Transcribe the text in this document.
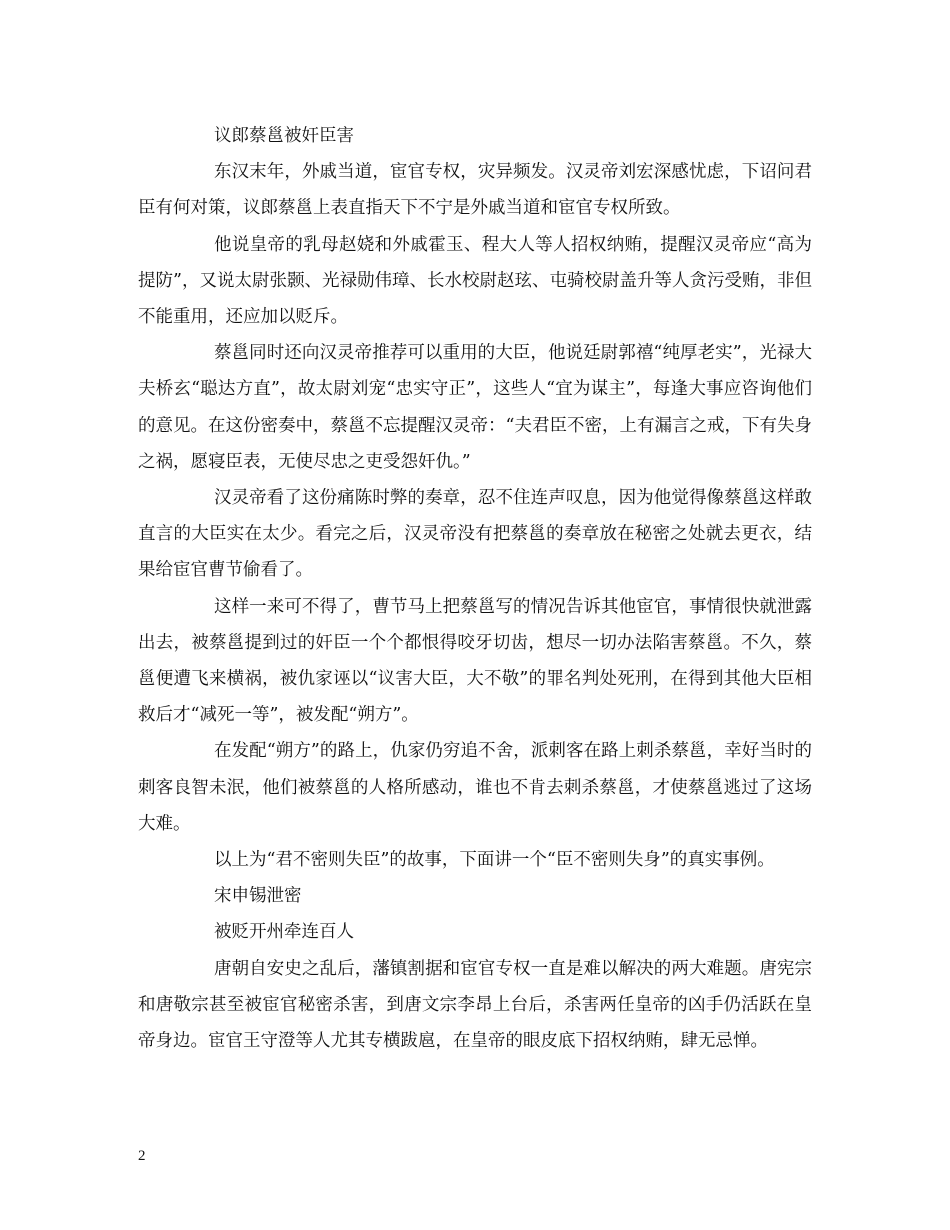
议郎蔡邕被奸臣害

东汉末年，外戚当道，宦官专权，灾异频发。汉灵帝刘宏深感忧虑，下诏问君臣有何对策，议郎蔡邕上表直指天下不宁是外戚当道和宦官专权所致。

他说皇帝的乳母赵娆和外戚霍玉、程大人等人招权纳贿，提醒汉灵帝应“高为提防”，又说太尉张颢、光禄勋伟璋、长水校尉赵玹、屯骑校尉盖升等人贪污受贿，非但不能重用，还应加以贬斥。

蔡邕同时还向汉灵帝推荐可以重用的大臣，他说廷尉郭禧“纯厚老实”，光禄大夫桥玄“聪达方直”，故太尉刘宠“忠实守正”，这些人“宜为谋主”，每逢大事应咨询他们的意见。在这份密奏中，蔡邕不忘提醒汉灵帝：“夫君臣不密，上有漏言之戒，下有失身之祸，愿寝臣表，无使尽忠之吏受怨奸仇。”

汉灵帝看了这份痛陈时弊的奏章，忍不住连声叹息，因为他觉得像蔡邕这样敢直言的大臣实在太少。看完之后，汉灵帝没有把蔡邕的奏章放在秘密之处就去更衣，结果给宦官曹节偷看了。

这样一来可不得了，曹节马上把蔡邕写的情况告诉其他宦官，事情很快就泄露出去，被蔡邕提到过的奸臣一个个都恨得咬牙切齿，想尽一切办法陷害蔡邕。不久，蔡邕便遭飞来横祸，被仇家诬以“议害大臣，大不敬”的罪名判处死刑，在得到其他大臣相救后才“减死一等”，被发配“朔方”。

在发配“朔方”的路上，仇家仍穷追不舍，派刺客在路上刺杀蔡邕，幸好当时的刺客良智未泯，他们被蔡邕的人格所感动，谁也不肯去刺杀蔡邕，才使蔡邕逃过了这场大难。

以上为“君不密则失臣”的故事，下面讲一个“臣不密则失身”的真实事例。

宋申锡泄密

被贬开州牵连百人

唐朝自安史之乱后，藩镇割据和宦官专权一直是难以解决的两大难题。唐宪宗和唐敬宗甚至被宦官秘密杀害，到唐文宗李昂上台后，杀害两任皇帝的凶手仍活跃在皇帝身边。宦官王守澄等人尤其专横跋扈，在皇帝的眼皮底下招权纳贿，肆无忌惮。

2
